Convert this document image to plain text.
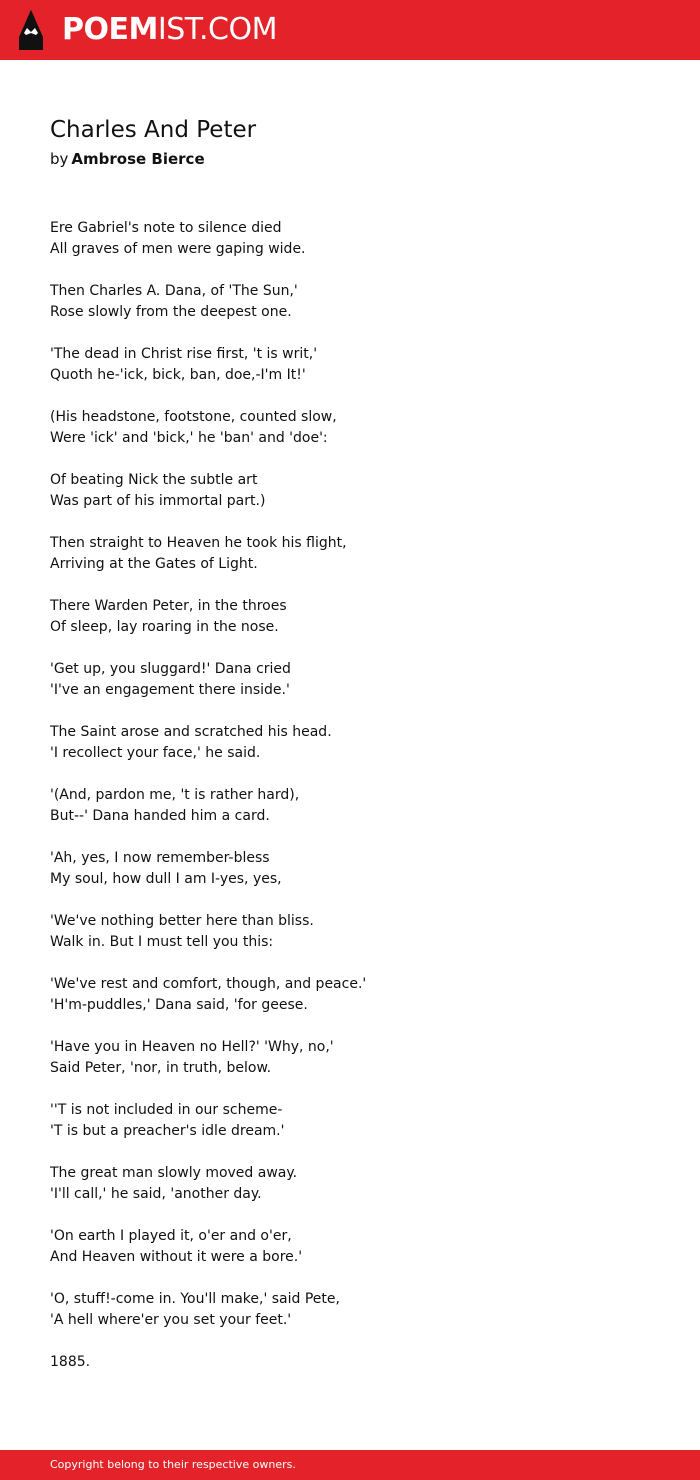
POEMIST.COM
Charles And Peter
by Ambrose Bierce
Ere Gabriel's note to silence died
All graves of men were gaping wide.
Then Charles A. Dana, of 'The Sun,'
Rose slowly from the deepest one.
'The dead in Christ rise first, 't is writ,'
Quoth he-'ick, bick, ban, doe,-I'm It!'
(His headstone, footstone, counted slow,
Were 'ick' and 'bick,' he 'ban' and 'doe':
Of beating Nick the subtle art
Was part of his immortal part.)
Then straight to Heaven he took his flight,
Arriving at the Gates of Light.
There Warden Peter, in the throes
Of sleep, lay roaring in the nose.
'Get up, you sluggard!' Dana cried
'I've an engagement there inside.'
The Saint arose and scratched his head.
'I recollect your face,' he said.
'(And, pardon me, 't is rather hard),
But--' Dana handed him a card.
'Ah, yes, I now remember-bless
My soul, how dull I am I-yes, yes,
'We've nothing better here than bliss.
Walk in. But I must tell you this:
'We've rest and comfort, though, and peace.'
'H'm-puddles,' Dana said, 'for geese.
'Have you in Heaven no Hell?' 'Why, no,'
Said Peter, 'nor, in truth, below.
''T is not included in our scheme-
'T is but a preacher's idle dream.'
The great man slowly moved away.
'I'll call,' he said, 'another day.
'On earth I played it, o'er and o'er,
And Heaven without it were a bore.'
'O, stuff!-come in. You'll make,' said Pete,
'A hell where'er you set your feet.'
1885.
Copyright belong to their respective owners.
